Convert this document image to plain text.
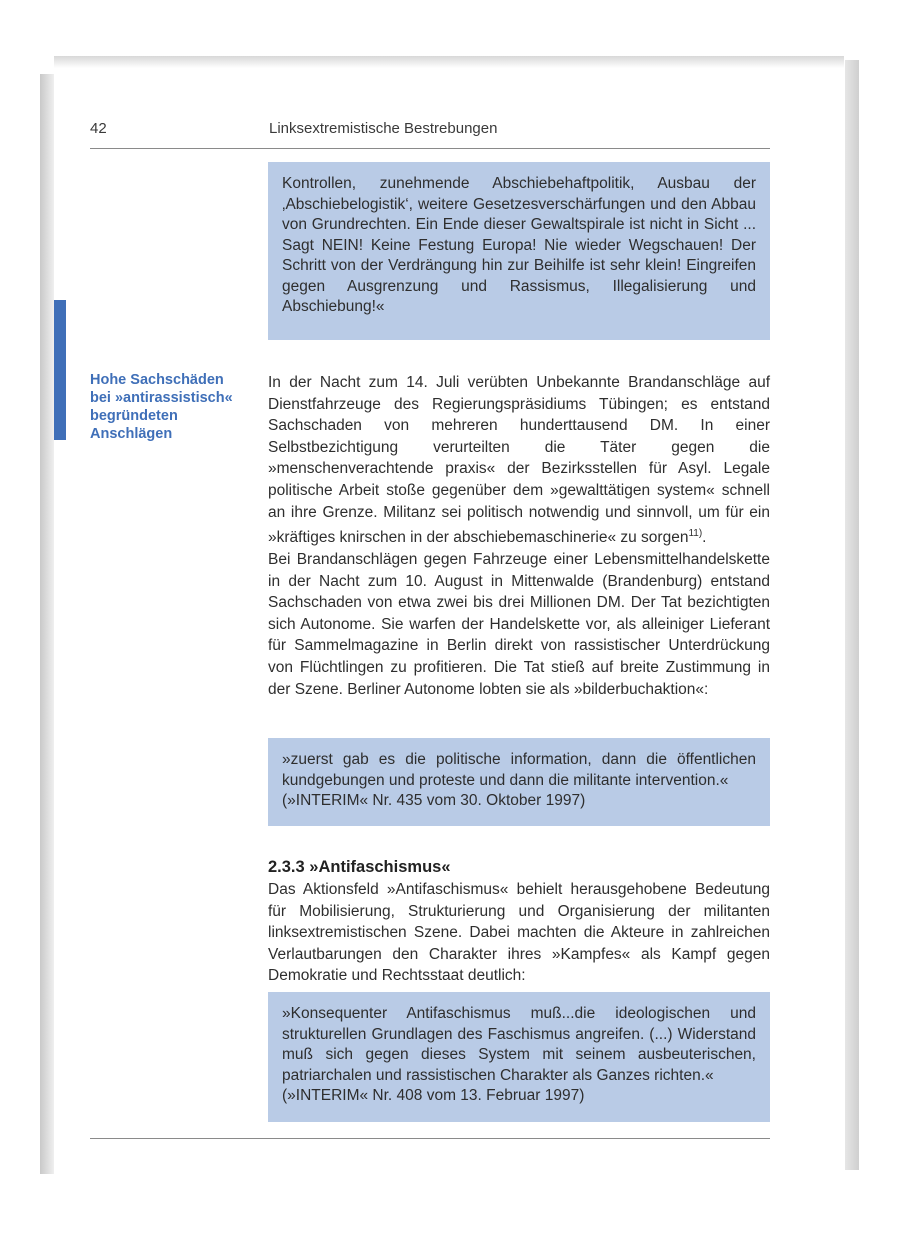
42	Linksextremistische Bestrebungen

Kontrollen, zunehmende Abschiebehaftpolitik, Ausbau der ‚Abschiebelogistik‘, weitere Gesetzesverschärfungen und den Abbau von Grundrechten. Ein Ende dieser Gewaltspirale ist nicht in Sicht ... Sagt NEIN! Keine Festung Europa! Nie wieder Wegschauen! Der Schritt von der Verdrängung hin zur Beihilfe ist sehr klein! Eingreifen gegen Ausgrenzung und Rassismus, Illegalisierung und Abschiebung!«

Hohe Sachschäden
bei »antirassistisch«
begründeten
Anschlägen

In der Nacht zum 14. Juli verübten Unbekannte Brandanschläge auf Dienstfahrzeuge des Regierungspräsidiums Tübingen; es entstand Sachschaden von mehreren hunderttausend DM. In einer Selbstbezichtigung verurteilten die Täter gegen die »menschenverachtende praxis« der Bezirksstellen für Asyl. Legale politische Arbeit stoße gegenüber dem »gewalttätigen system« schnell an ihre Grenze. Militanz sei politisch notwendig und sinnvoll, um für ein »kräftiges knirschen in der abschiebemaschinerie« zu sorgen$^{11)}$.

Bei Brandanschlägen gegen Fahrzeuge einer Lebensmittelhandelskette in der Nacht zum 10. August in Mittenwalde (Brandenburg) entstand Sachschaden von etwa zwei bis drei Millionen DM. Der Tat bezichtigten sich Autonome. Sie warfen der Handelskette vor, als alleiniger Lieferant für Sammelmagazine in Berlin direkt von rassistischer Unterdrückung von Flüchtlingen zu profitieren. Die Tat stieß auf breite Zustimmung in der Szene. Berliner Autonome lobten sie als »bilderbuchaktion«:

»zuerst gab es die politische information, dann die öffentlichen kundgebungen und proteste und dann die militante intervention.«

(»INTERIM« Nr. 435 vom 30. Oktober 1997)

2.3.3 »Antifaschismus«

Das Aktionsfeld »Antifaschismus« behielt herausgehobene Bedeutung für Mobilisierung, Strukturierung und Organisierung der militanten linksextremistischen Szene. Dabei machten die Akteure in zahlreichen Verlautbarungen den Charakter ihres »Kampfes« als Kampf gegen Demokratie und Rechtsstaat deutlich:

»Konsequenter Antifaschismus muß...die ideologischen und strukturellen Grundlagen des Faschismus angreifen. (...) Widerstand muß sich gegen dieses System mit seinem ausbeuterischen, patriarchalen und rassistischen Charakter als Ganzes richten.«

(»INTERIM« Nr. 408 vom 13. Februar 1997)
